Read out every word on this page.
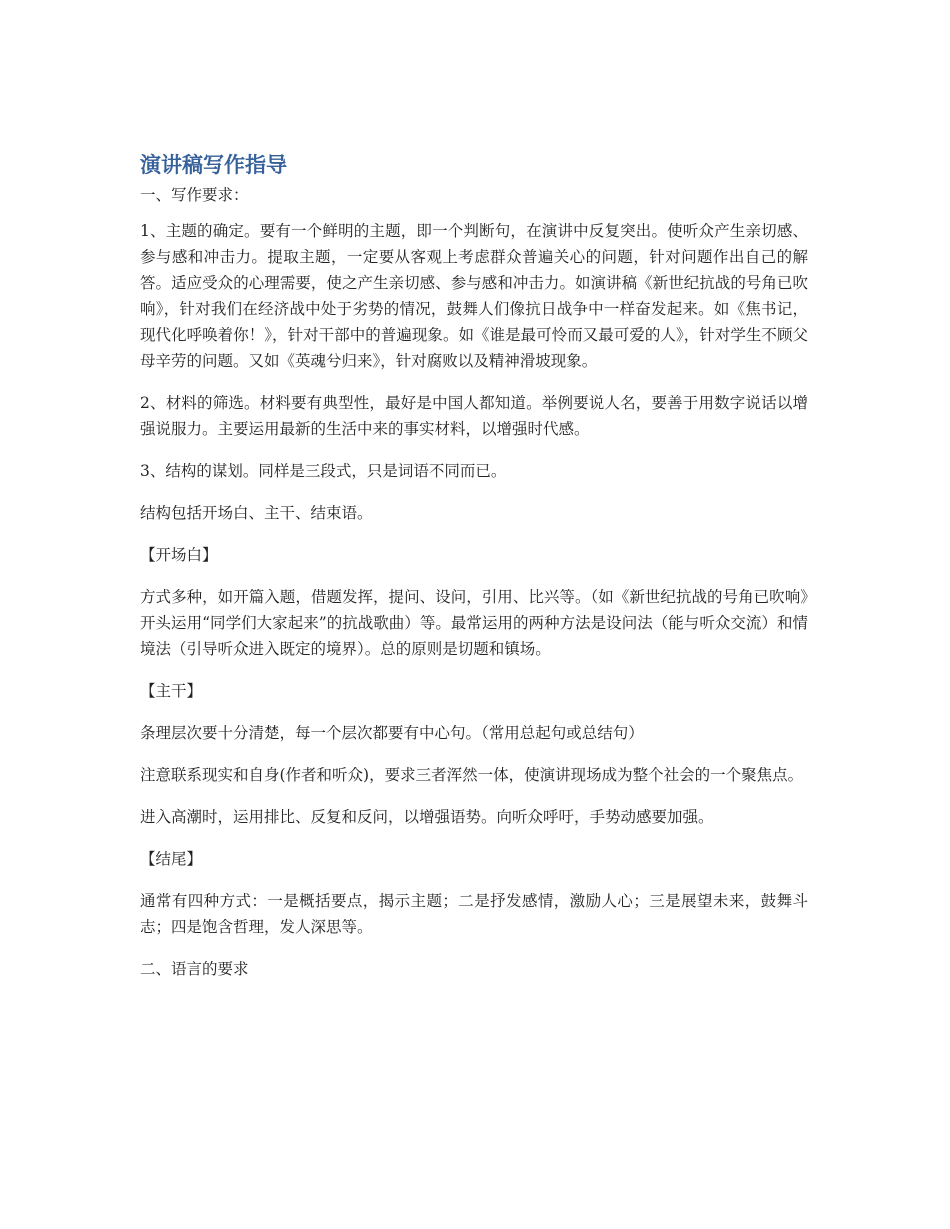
演讲稿写作指导
一、写作要求：

1、主题的确定。要有一个鲜明的主题，即一个判断句，在演讲中反复突出。使听众产生亲切感、参与感和冲击力。提取主题，一定要从客观上考虑群众普遍关心的问题，针对问题作出自己的解答。适应受众的心理需要，使之产生亲切感、参与感和冲击力。如演讲稿《新世纪抗战的号角已吹响》，针对我们在经济战中处于劣势的情况，鼓舞人们像抗日战争中一样奋发起来。如《焦书记，现代化呼唤着你！》，针对干部中的普遍现象。如《谁是最可怜而又最可爱的人》，针对学生不顾父母辛劳的问题。又如《英魂兮归来》，针对腐败以及精神滑坡现象。

2、材料的筛选。材料要有典型性，最好是中国人都知道。举例要说人名，要善于用数字说话以增强说服力。主要运用最新的生活中来的事实材料，以增强时代感。

3、结构的谋划。同样是三段式，只是词语不同而已。

结构包括开场白、主干、结束语。

【开场白】

方式多种，如开篇入题，借题发挥，提问、设问，引用、比兴等。（如《新世纪抗战的号角已吹响》开头运用“同学们大家起来”的抗战歌曲）等。最常运用的两种方法是设问法（能与听众交流）和情境法（引导听众进入既定的境界）。总的原则是切题和镇场。

【主干】

条理层次要十分清楚，每一个层次都要有中心句。（常用总起句或总结句）

注意联系现实和自身(作者和听众)，要求三者浑然一体，使演讲现场成为整个社会的一个聚焦点。

进入高潮时，运用排比、反复和反问，以增强语势。向听众呼吁，手势动感要加强。

【结尾】

通常有四种方式：一是概括要点，揭示主题；二是抒发感情，激励人心；三是展望未来，鼓舞斗志；四是饱含哲理，发人深思等。

二、语言的要求
